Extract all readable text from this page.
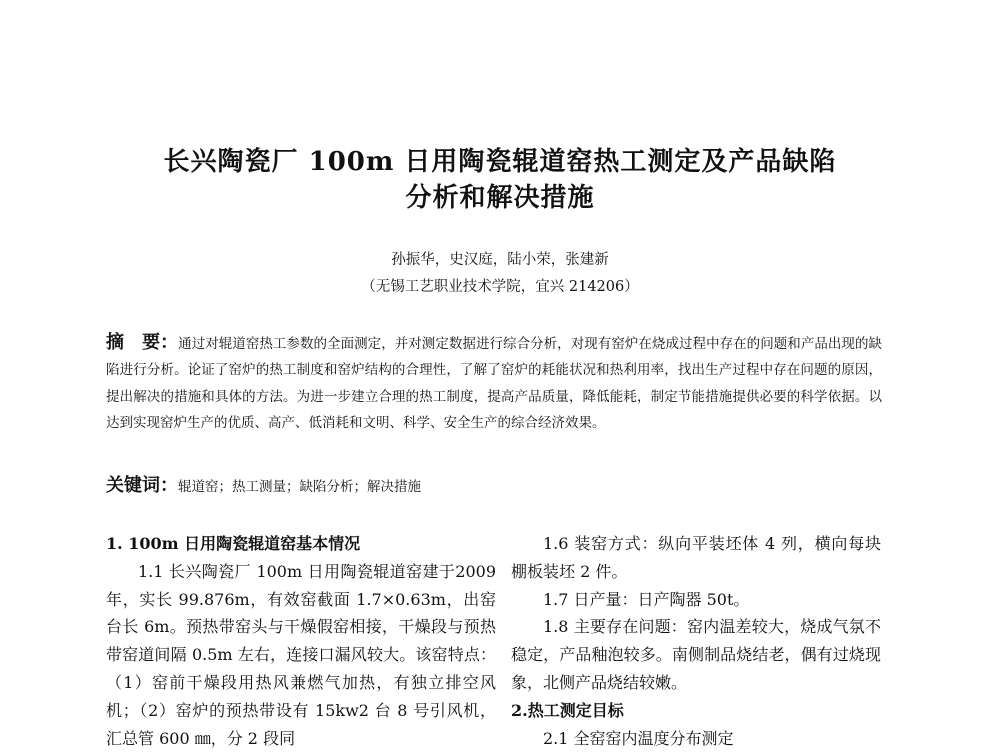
长兴陶瓷厂 100m 日用陶瓷辊道窑热工测定及产品缺陷
分析和解决措施
孙振华，史汉庭，陆小荣，张建新
（无锡工艺职业技术学院，宜兴 214206）
摘　要：通过对辊道窑热工参数的全面测定，并对测定数据进行综合分析，对现有窑炉在烧成过程中存在的问题和产品出现的缺陷进行分析。论证了窑炉的热工制度和窑炉结构的合理性，了解了窑炉的耗能状况和热利用率，找出生产过程中存在问题的原因，提出解决的措施和具体的方法。为进一步建立合理的热工制度，提高产品质量，降低能耗，制定节能措施提供必要的科学依据。以达到实现窑炉生产的优质、高产、低消耗和文明、科学、安全生产的综合经济效果。
关键词：辊道窑；热工测量；缺陷分析；解决措施

1. 100m 日用陶瓷辊道窑基本情况

1.1 长兴陶瓷厂 100m 日用陶瓷辊道窑建于2009 年，实长 99.876m，有效窑截面 1.7×0.63m，出窑台长 6m。预热带窑头与干燥假窑相接，干燥段与预热带窑道间隔 0.5m 左右，连接口漏风较大。该窑特点：（1）窑前干燥段用热风兼燃气加热，有独立排空风机；（2）窑炉的预热带设有 15kw2 台 8 号引风机，汇总管 600 ㎜，分 2 段同

1.6 装窑方式：纵向平装坯体 4 列，横向每块棚板装坯 2 件。

1.7 日产量：日产陶器 50t。

1.8 主要存在问题：窑内温差较大，烧成气氛不稳定，产品釉泡较多。南侧制品烧结老，偶有过烧现象，北侧产品烧结较嫩。

2.热工测定目标

2.1 全窑窑内温度分布测定
